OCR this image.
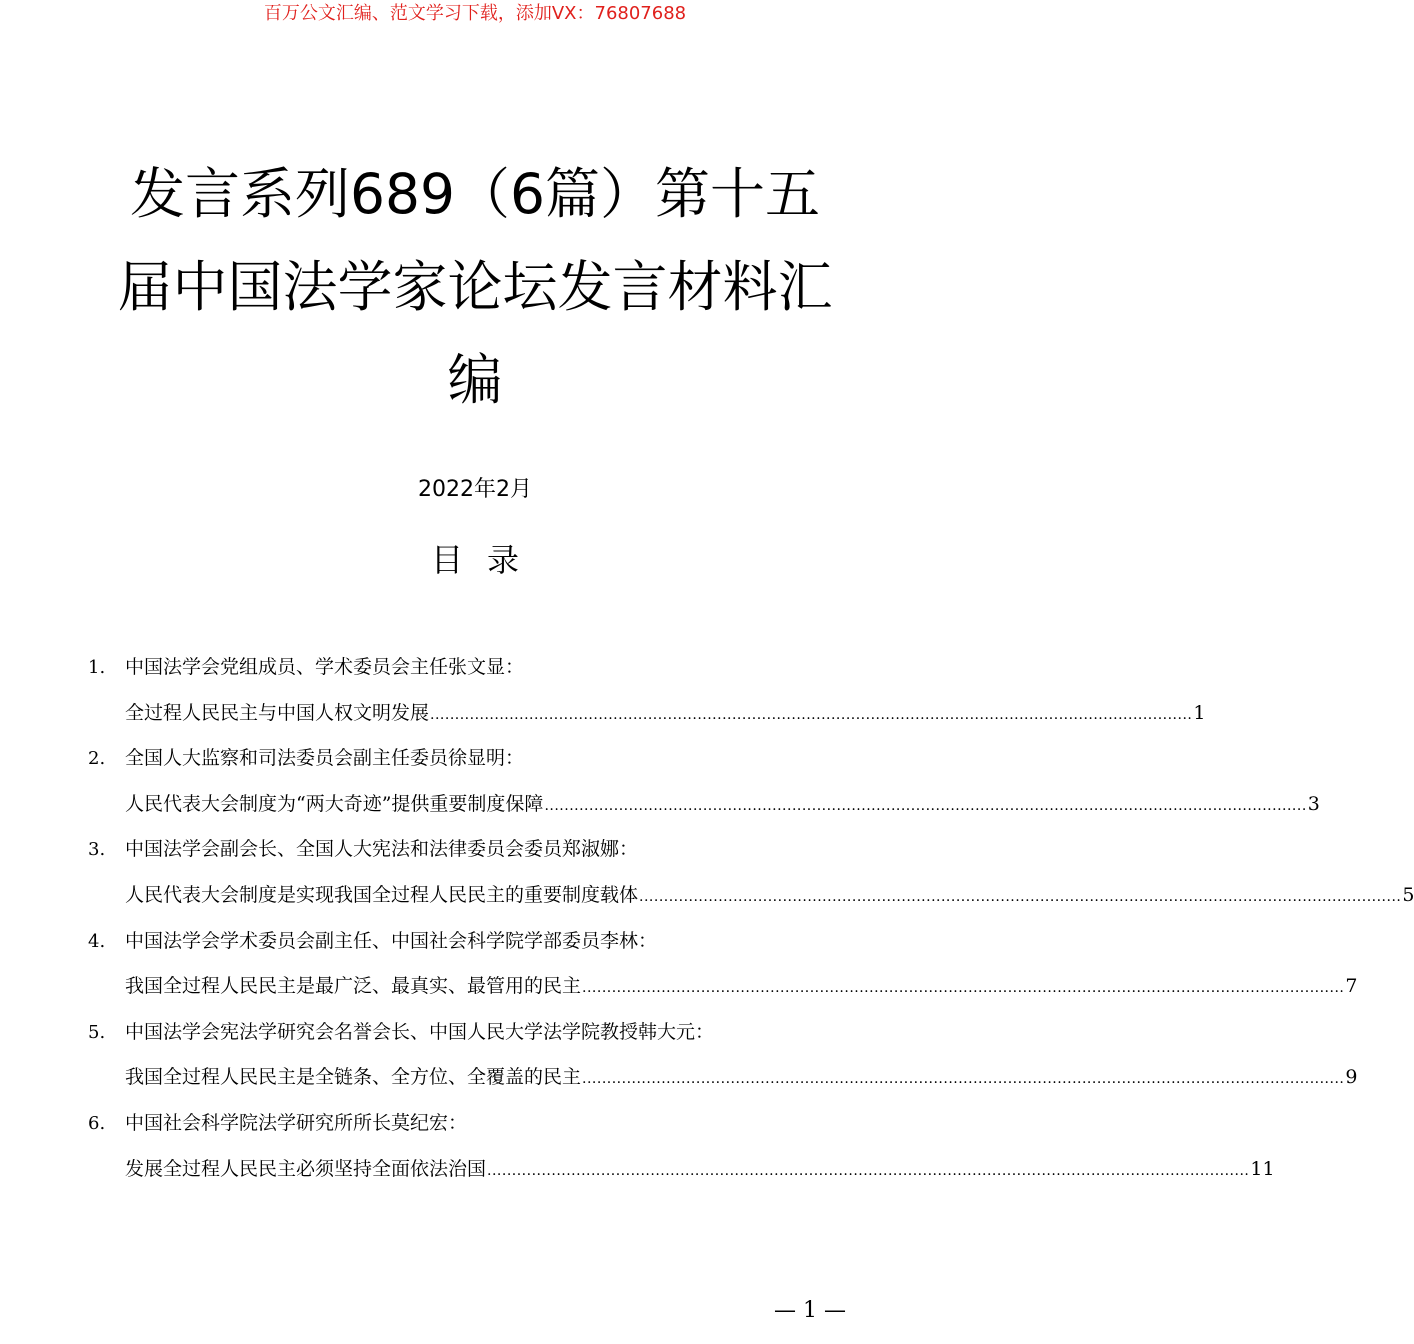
百万公文汇编、范文学习下载，添加VX：76807688
发言系列689（6篇）第十五
届中国法学家论坛发言材料汇
编
2022年2月
目录
1. 中国法学会党组成员、学术委员会主任张文显：
全过程人民民主与中国人权文明发展 .......................................................................................................................................................... 1
2. 全国人大监察和司法委员会副主任委员徐显明：
人民代表大会制度为“两大奇迹”提供重要制度保障 .......................................................................................................................................................... 3
3. 中国法学会副会长、全国人大宪法和法律委员会委员郑淑娜：
人民代表大会制度是实现我国全过程人民民主的重要制度载体 .......................................................................................................................................................... 5
4. 中国法学会学术委员会副主任、中国社会科学院学部委员李林：
我国全过程人民民主是最广泛、最真实、最管用的民主 .......................................................................................................................................................... 7
5. 中国法学会宪法学研究会名誉会长、中国人民大学法学院教授韩大元：
我国全过程人民民主是全链条、全方位、全覆盖的民主 .......................................................................................................................................................... 9
6. 中国社会科学院法学研究所所长莫纪宏：
发展全过程人民民主必须坚持全面依法治国 .......................................................................................................................................................... 11
— 1 —
